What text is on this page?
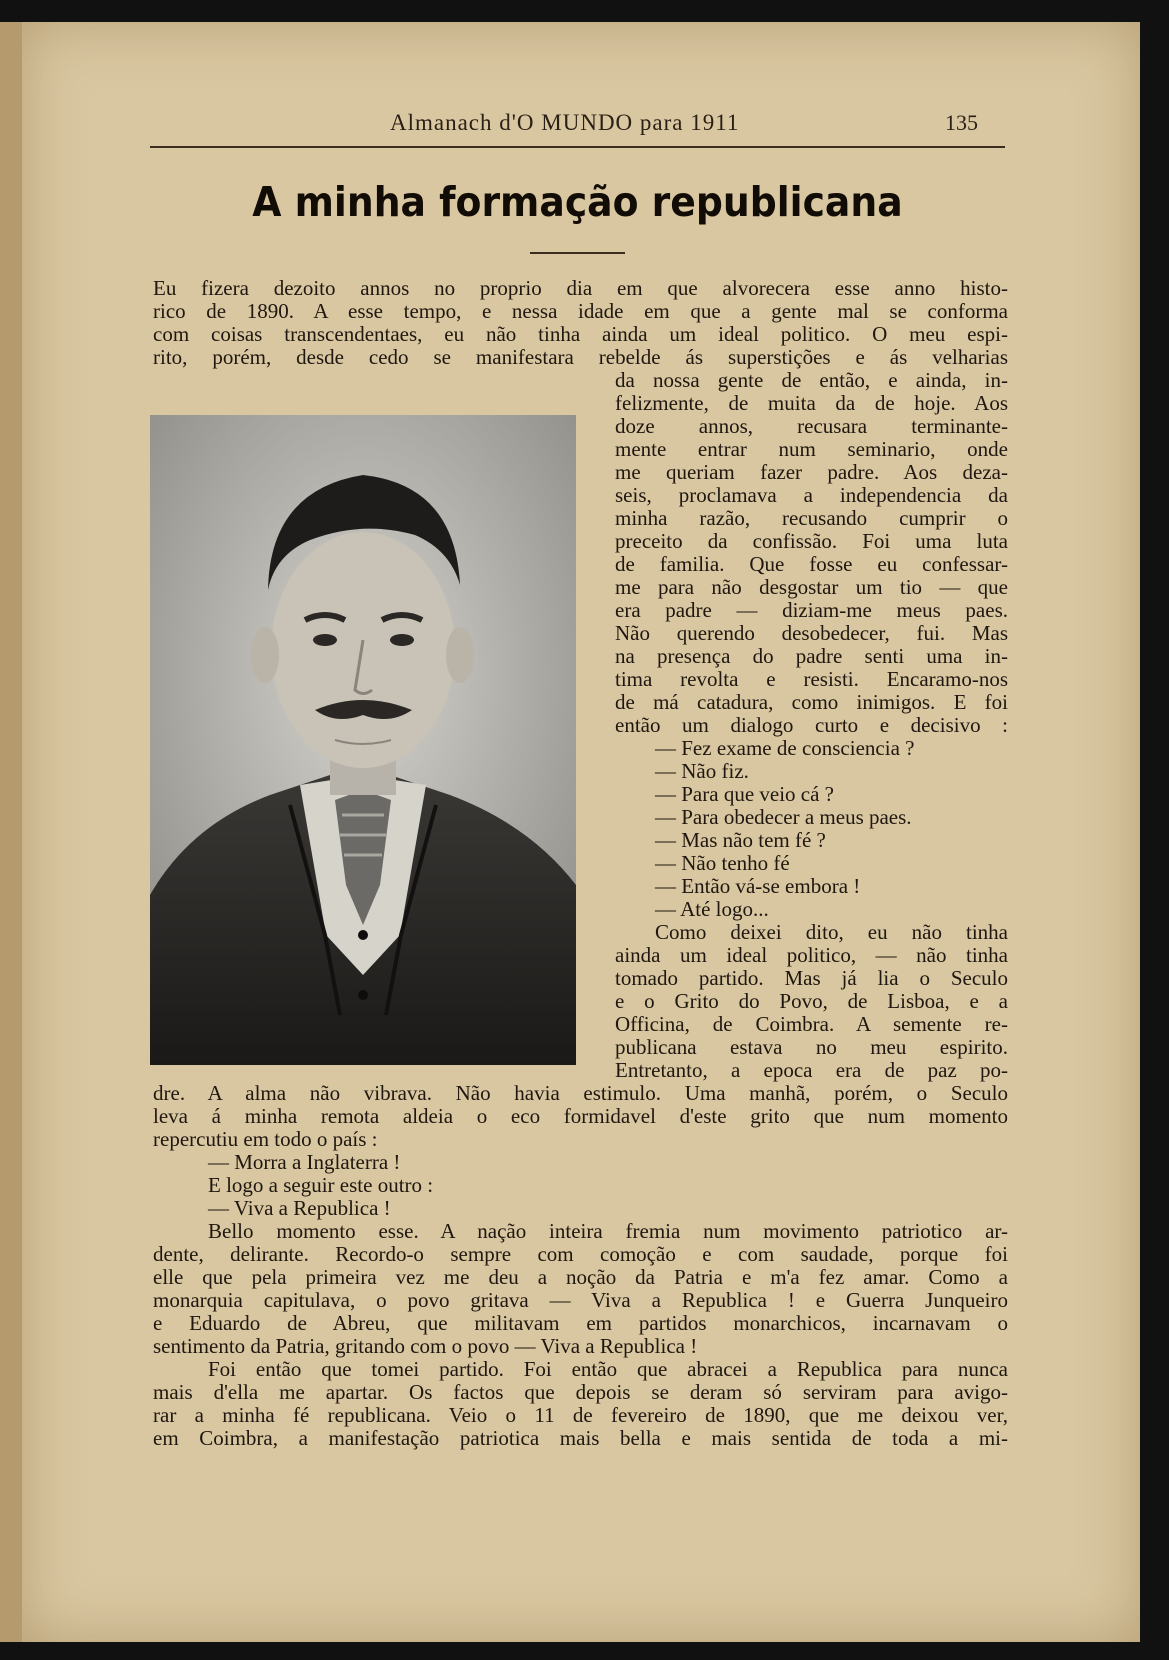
Almanach d'O MUNDO para 1911	135
A minha formação republicana
Eu fizera dezoito annos no proprio dia em que alvorecera esse anno histo-
rico de 1890. A esse tempo, e nessa idade em que a gente mal se conforma
com coisas transcendentaes, eu não tinha ainda um ideal politico. O meu espi-
rito, porém, desde cedo se manifestara rebelde ás superstições e ás velharias
da nossa gente de então, e ainda, in-
felizmente, de muita da de hoje. Aos
doze annos, recusara terminante-
mente entrar num seminario, onde
me queriam fazer padre. Aos deza-
seis, proclamava a independencia da
minha razão, recusando cumprir o
preceito da confissão. Foi uma luta
de familia. Que fosse eu confessar-
me para não desgostar um tio — que
era padre — diziam-me meus paes.
Não querendo desobedecer, fui. Mas
na presença do padre senti uma in-
tima revolta e resisti. Encaramo-nos
de má catadura, como inimigos. E foi
então um dialogo curto e decisivo :
— Fez exame de consciencia ?
— Não fiz.
— Para que veio cá ?
— Para obedecer a meus paes.
— Mas não tem fé ?
— Não tenho fé
— Então vá-se embora !
— Até logo...
Como deixei dito, eu não tinha
ainda um ideal politico, — não tinha
tomado partido. Mas já lia o Seculo
e o Grito do Povo, de Lisboa, e a
Officina, de Coimbra. A semente re-
publicana estava no meu espirito.
Entretanto, a epoca era de paz po-
dre. A alma não vibrava. Não havia estimulo. Uma manhã, porém, o Seculo
leva á minha remota aldeia o eco formidavel d'este grito que num momento
repercutiu em todo o país :
— Morra a Inglaterra !
E logo a seguir este outro :
— Viva a Republica !
Bello momento esse. A nação inteira fremia num movimento patriotico ar-
dente, delirante. Recordo-o sempre com comoção e com saudade, porque foi
elle que pela primeira vez me deu a noção da Patria e m'a fez amar. Como a
monarquia capitulava, o povo gritava — Viva a Republica ! e Guerra Junqueiro
e Eduardo de Abreu, que militavam em partidos monarchicos, incarnavam o
sentimento da Patria, gritando com o povo — Viva a Republica !
Foi então que tomei partido. Foi então que abracei a Republica para nunca
mais d'ella me apartar. Os factos que depois se deram só serviram para avigo-
rar a minha fé republicana. Veio o 11 de fevereiro de 1890, que me deixou ver,
em Coimbra, a manifestação patriotica mais bella e mais sentida de toda a mi-
